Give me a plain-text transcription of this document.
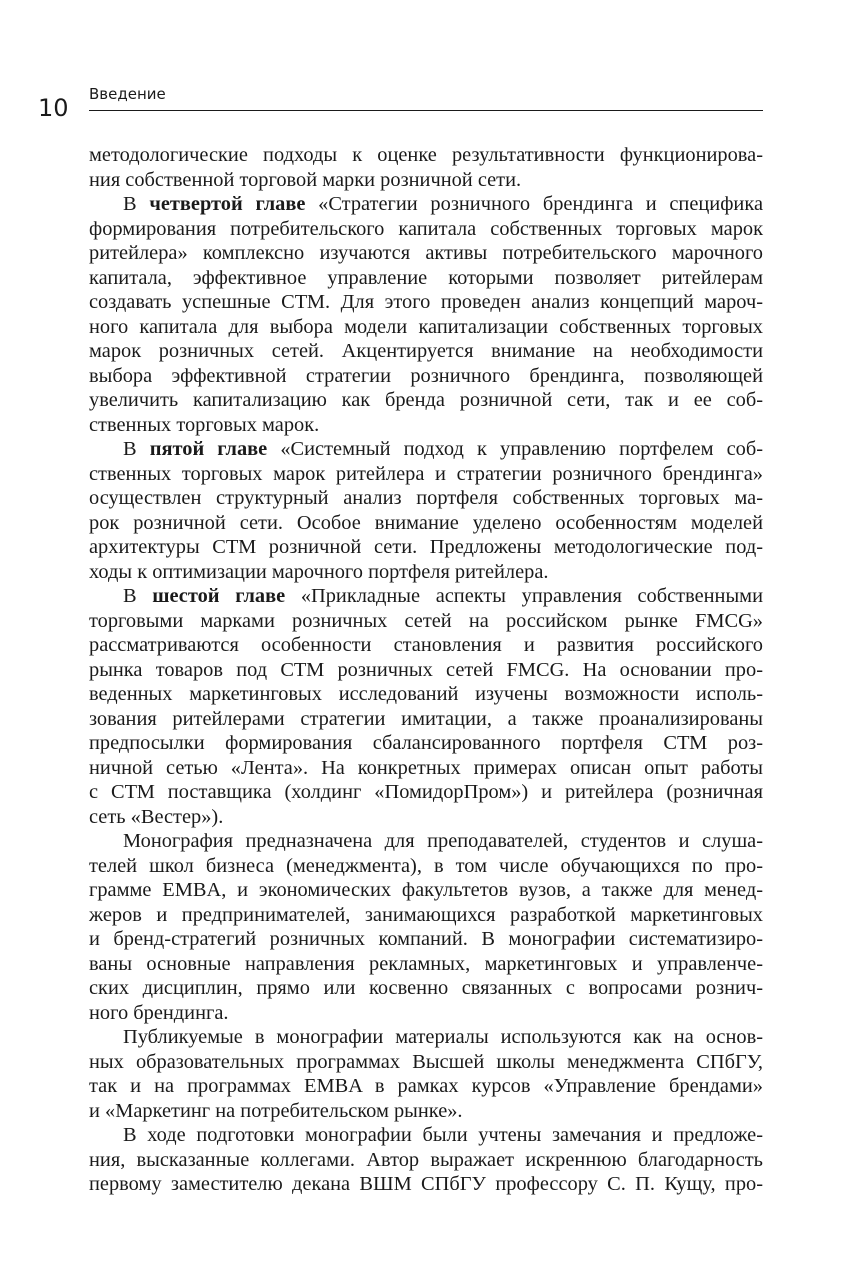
10 Введение

методологические подходы к оценке результативности функционирова-
ния собственной торговой марки розничной сети.

В четвертой главе «Стратегии розничного брендинга и специфика
формирования потребительского капитала собственных торговых марок
ритейлера» комплексно изучаются активы потребительского марочного
капитала, эффективное управление которыми позволяет ритейлерам
создавать успешные СТМ. Для этого проведен анализ концепций мароч-
ного капитала для выбора модели капитализации собственных торговых
марок розничных сетей. Акцентируется внимание на необходимости
выбора эффективной стратегии розничного брендинга, позволяющей
увеличить капитализацию как бренда розничной сети, так и ее соб-
ственных торговых марок.

В пятой главе «Системный подход к управлению портфелем соб-
ственных торговых марок ритейлера и стратегии розничного брендинга»
осуществлен структурный анализ портфеля собственных торговых ма-
рок розничной сети. Особое внимание уделено особенностям моделей
архитектуры СТМ розничной сети. Предложены методологические под-
ходы к оптимизации марочного портфеля ритейлера.

В шестой главе «Прикладные аспекты управления собственными
торговыми марками розничных сетей на российском рынке FMCG»
рассматриваются особенности становления и развития российского
рынка товаров под СТМ розничных сетей FMCG. На основании про-
веденных маркетинговых исследований изучены возможности исполь-
зования ритейлерами стратегии имитации, а также проанализированы
предпосылки формирования сбалансированного портфеля СТМ роз-
ничной сетью «Лента». На конкретных примерах описан опыт работы
с СТМ поставщика (холдинг «ПомидорПром») и ритейлера (розничная
сеть «Вестер»).

Монография предназначена для преподавателей, студентов и слуша-
телей школ бизнеса (менеджмента), в том числе обучающихся по про-
грамме EMBA, и экономических факультетов вузов, а также для менед-
жеров и предпринимателей, занимающихся разработкой маркетинговых
и бренд-стратегий розничных компаний. В монографии систематизиро-
ваны основные направления рекламных, маркетинговых и управленче-
ских дисциплин, прямо или косвенно связанных с вопросами рознич-
ного брендинга.

Публикуемые в монографии материалы используются как на основ-
ных образовательных программах Высшей школы менеджмента СПбГУ,
так и на программах EMBA в рамках курсов «Управление брендами»
и «Маркетинг на потребительском рынке».

В ходе подготовки монографии были учтены замечания и предложе-
ния, высказанные коллегами. Автор выражает искреннюю благодарность
первому заместителю декана ВШМ СПбГУ профессору С. П. Кущу, про-
